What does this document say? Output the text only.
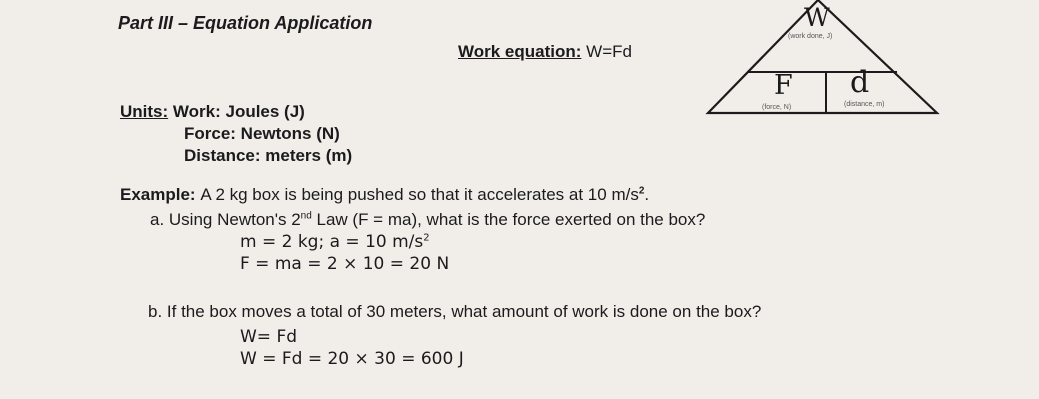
Part III – Equation Application
Work equation: W=Fd
Units: Work: Joules (J)
Force: Newtons (N)
Distance: meters (m)
Example: A 2 kg box is being pushed so that it accelerates at 10 $m/s^2$.
a. Using Newton's 2nd Law (F = ma), what is the force exerted on the box?
m = 2 kg; a = 10 $m/s^2$
F = ma = 2 × 10 = 20 N
b. If the box moves a total of 30 meters, what amount of work is done on the box?
W= Fd
W = Fd = 20 × 30 = 600 J
W
(work done, J)
F
(force, N)
d
(distance, m)
